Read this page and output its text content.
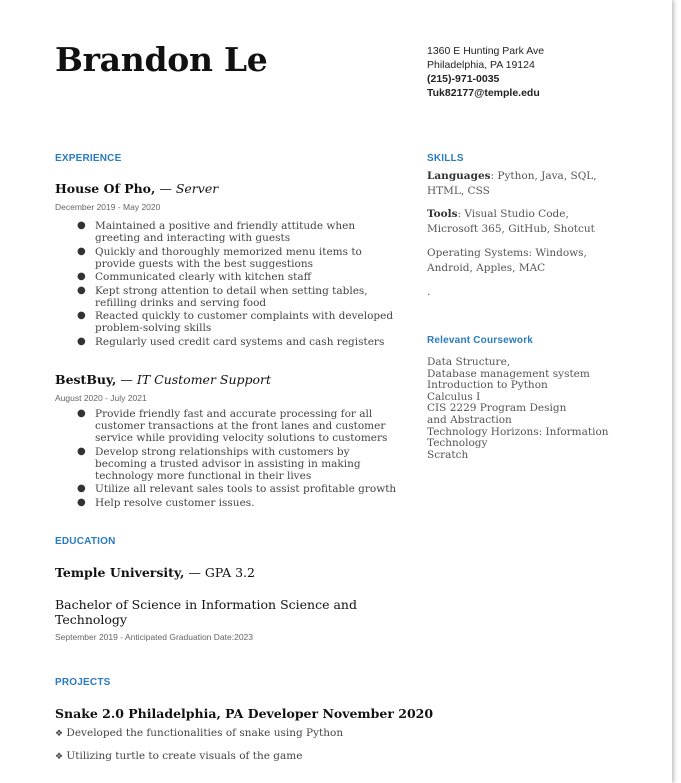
Brandon Le	1360 E Hunting Park Ave
Philadelphia, PA 19124
(215)-971-0035
Tuk82177@temple.edu
EXPERIENCE
House Of Pho, — Server
December 2019 - May 2020
● Maintained a positive and friendly attitude when greeting and interacting with guests
● Quickly and thoroughly memorized menu items to provide guests with the best suggestions
● Communicated clearly with kitchen staff
● Kept strong attention to detail when setting tables, refilling drinks and serving food
● Reacted quickly to customer complaints with developed problem-solving skills
● Regularly used credit card systems and cash registers
BestBuy, — IT Customer Support
August 2020 - July 2021
● Provide friendly fast and accurate processing for all customer transactions at the front lanes and customer service while providing velocity solutions to customers
● Develop strong relationships with customers by becoming a trusted advisor in assisting in making technology more functional in their lives
● Utilize all relevant sales tools to assist profitable growth
● Help resolve customer issues.
EDUCATION
Temple University, — GPA 3.2
Bachelor of Science in Information Science and Technology
September 2019 - Anticipated Graduation Date:2023
PROJECTS
Snake 2.0 Philadelphia, PA Developer November 2020
❖ Developed the functionalities of snake using Python
❖ Utilizing turtle to create visuals of the game
SKILLS
Languages: Python, Java, SQL, HTML, CSS
Tools: Visual Studio Code, Microsoft 365, GitHub, Shotcut
Operating Systems: Windows, Android, Apples, MAC
.
Relevant Coursework
Data Structure,
Database management system
Introduction to Python
Calculus I
CIS 2229 Program Design and Abstraction
Technology Horizons: Information Technology
Scratch
